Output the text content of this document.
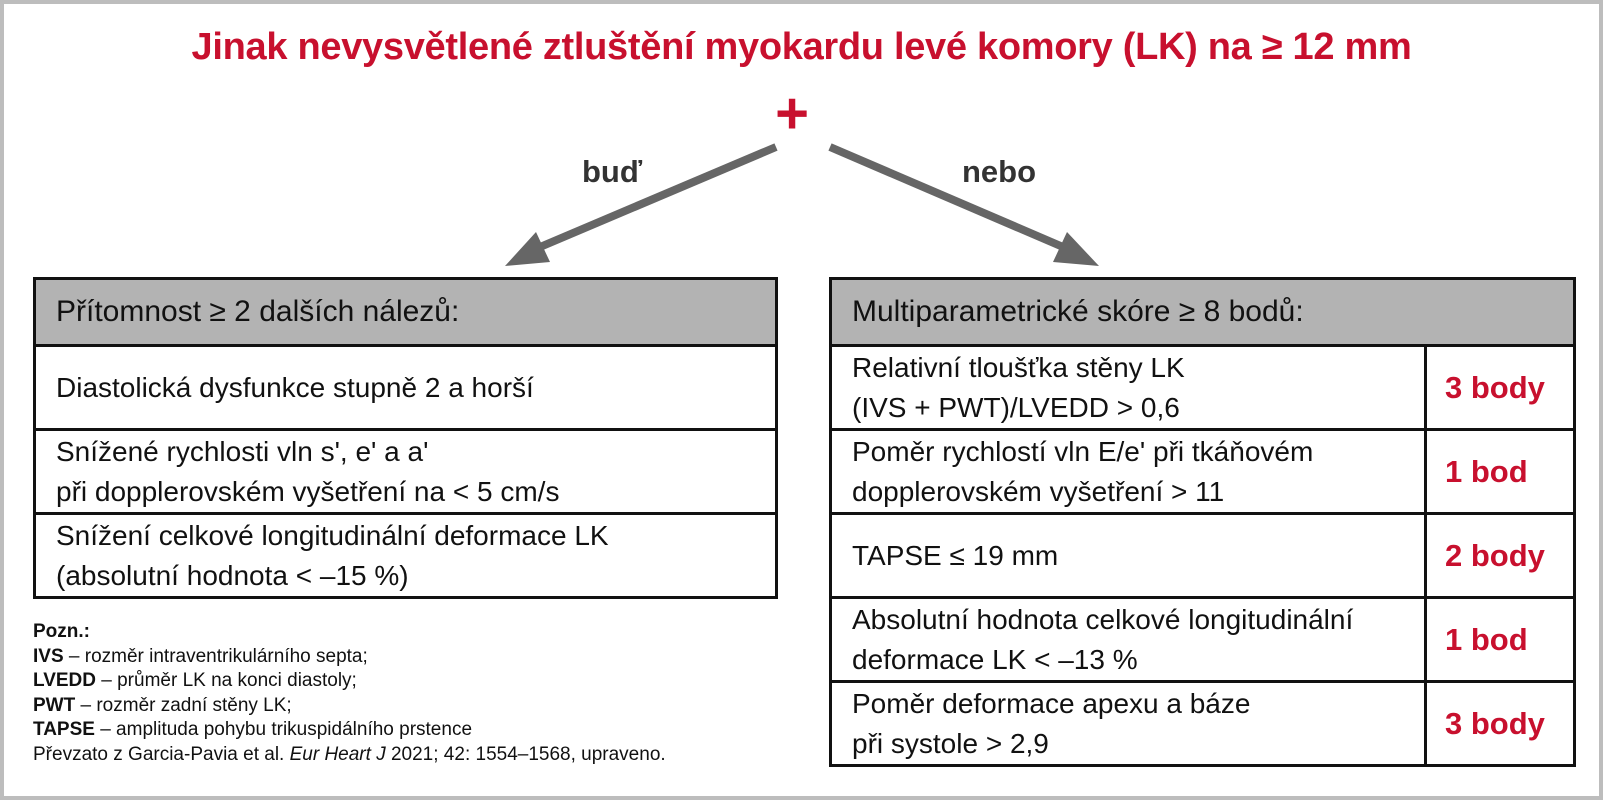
Jinak nevysvětlené ztluštění myokardu levé komory (LK) na ≥ 12 mm
+
buď	nebo
Přítomnost ≥ 2 dalších nálezů:

Diastolická dysfunkce stupně 2 a horší

Snížené rychlosti vln s', e' a a'
při dopplerovském vyšetření na < 5 cm/s

Snížení celkové longitudinální deformace LK
(absolutní hodnota < –15 %)
Multiparametrické skóre ≥ 8 bodů:	

Relativní tloušťka stěny LK
(IVS + PWT)/LVEDD > 0,6	3 body

Poměr rychlostí vln E/e' při tkáňovém
dopplerovském vyšetření > 11	1 bod

TAPSE ≤ 19 mm	2 body

Absolutní hodnota celkové longitudinální
deformace LK < –13 %	1 bod

Poměr deformace apexu a báze
při systole > 2,9	3 body
Pozn.:
IVS – rozměr intraventrikulárního septa;
LVEDD – průměr LK na konci diastoly;
PWT – rozměr zadní stěny LK;
TAPSE – amplituda pohybu trikuspidálního prstence
Převzato z Garcia-Pavia et al. Eur Heart J 2021; 42: 1554–1568, upraveno.
